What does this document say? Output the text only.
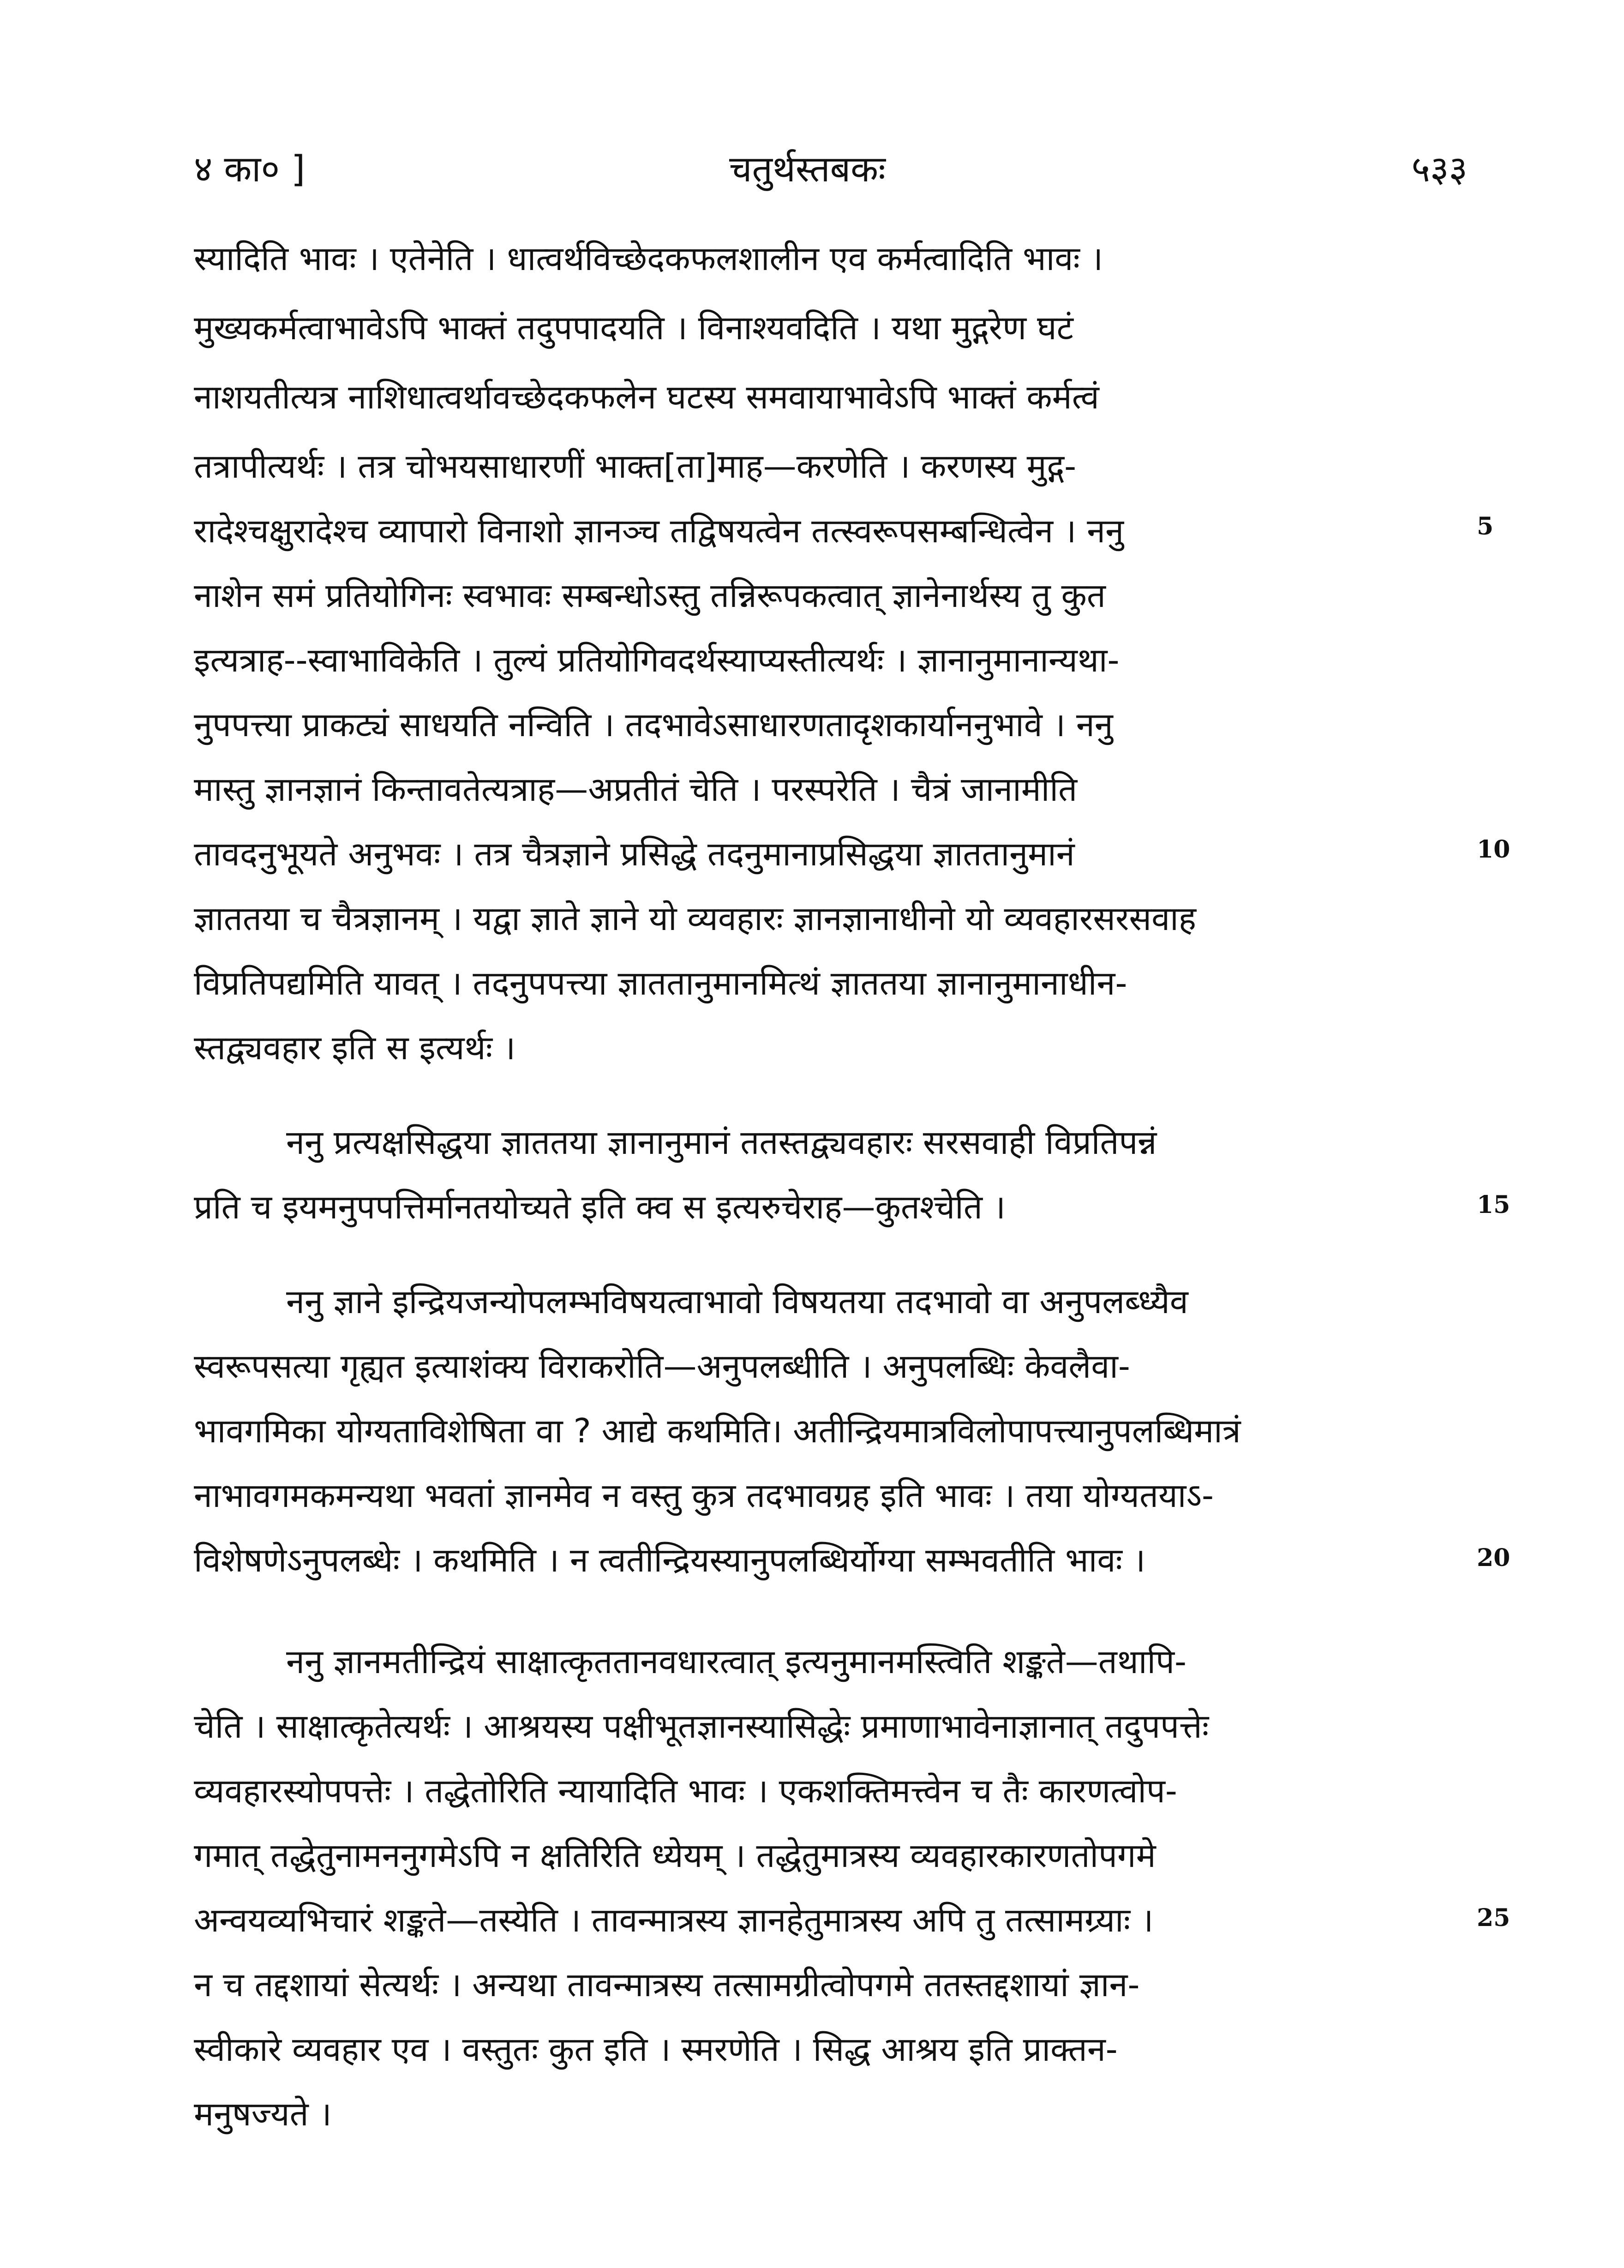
४ का० ]	चतुर्थस्तबकः	५३३
स्यादिति भावः । एतेनेति । धात्वर्थविच्छेदकफलशालीन एव कर्मत्वादिति भावः ।
मुख्यकर्मत्वाभावेऽपि भाक्तं तदुपपादयति । विनाश्यवदिति । यथा मुद्गरेण घटं
नाशयतीत्यत्र नाशिधात्वर्थावच्छेदकफलेन घटस्य समवायाभावेऽपि भाक्तं कर्मत्वं
तत्रापीत्यर्थः । तत्र चोभयसाधारणीं भाक्त[ता]माह—करणेति । करणस्य मुद्ग-
रादेश्चक्षुरादेश्च व्यापारो विनाशो ज्ञानञ्च तद्विषयत्वेन तत्स्वरूपसम्बन्धित्वेन । ननु
नाशेन समं प्रतियोगिनः स्वभावः सम्बन्धोऽस्तु तन्निरूपकत्वात् ज्ञानेनार्थस्य तु कुत
इत्यत्राह--स्वाभाविकेति । तुल्यं प्रतियोगिवदर्थस्याप्यस्तीत्यर्थः । ज्ञानानुमानान्यथा-
नुपपत्त्या प्राकट्यं साधयति नन्विति । तदभावेऽसाधारणतादृशकार्याननुभावे । ननु
मास्तु ज्ञानज्ञानं किन्तावतेत्यत्राह—अप्रतीतं चेति । परस्परेति । चैत्रं जानामीति
तावदनुभूयते अनुभवः । तत्र चैत्रज्ञाने प्रसिद्धे तदनुमानाप्रसिद्धया ज्ञाततानुमानं
ज्ञाततया च चैत्रज्ञानम् । यद्वा ज्ञाते ज्ञाने यो व्यवहारः ज्ञानज्ञानाधीनो यो व्यवहारसरसवाह
विप्रतिपद्यमिति यावत् । तदनुपपत्त्या ज्ञाततानुमानमित्थं ज्ञाततया ज्ञानानुमानाधीन-
स्तद्व्यवहार इति स इत्यर्थः ।
ननु प्रत्यक्षसिद्धया ज्ञाततया ज्ञानानुमानं ततस्तद्व्यवहारः सरसवाही विप्रतिपन्नं
प्रति च इयमनुपपत्तिर्मानतयोच्यते इति क्व स इत्यरुचेराह—कुतश्चेति ।
ननु ज्ञाने इन्द्रियजन्योपलम्भविषयत्वाभावो विषयतया तदभावो वा अनुपलब्ध्यैव
स्वरूपसत्या गृह्यत इत्याशंक्य विराकरोति—अनुपलब्धीति । अनुपलब्धिः केवलैवा-
भावगमिका योग्यताविशेषिता वा ? आद्ये कथमिति। अतीन्द्रियमात्रविलोपापत्त्यानुपलब्धिमात्रं
नाभावगमकमन्यथा भवतां ज्ञानमेव न वस्तु कुत्र तदभावग्रह इति भावः । तया योग्यतयाऽ-
विशेषणेऽनुपलब्धेः । कथमिति । न त्वतीन्द्रियस्यानुपलब्धिर्योग्या सम्भवतीति भावः ।
ननु ज्ञानमतीन्द्रियं साक्षात्कृततानवधारत्वात् इत्यनुमानमस्त्विति शङ्कते—तथापि-
चेति । साक्षात्कृतेत्यर्थः । आश्रयस्य पक्षीभूतज्ञानस्यासिद्धेः प्रमाणाभावेनाज्ञानात् तदुपपत्तेः
व्यवहारस्योपपत्तेः । तद्धेतोरिति न्यायादिति भावः । एकशक्तिमत्त्वेन च तैः कारणत्वोप-
गमात् तद्धेतुनामननुगमेऽपि न क्षतिरिति ध्येयम् । तद्धेतुमात्रस्य व्यवहारकारणतोपगमे
अन्वयव्यभिचारं शङ्कते—तस्येति । तावन्मात्रस्य ज्ञानहेतुमात्रस्य अपि तु तत्सामग्र्याः ।
न च तद्दशायां सेत्यर्थः । अन्यथा तावन्मात्रस्य तत्सामग्रीत्वोपगमे ततस्तद्दशायां ज्ञान-
स्वीकारे व्यवहार एव । वस्तुतः कुत इति । स्मरणेति । सिद्ध आश्रय इति प्राक्तन-
मनुषज्यते ।
5
10
15
20
25
